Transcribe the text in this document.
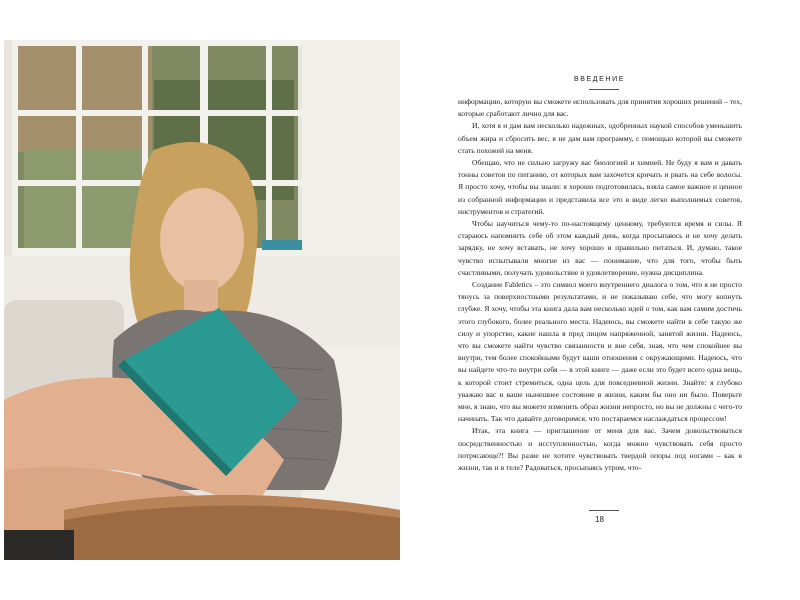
ВВЕДЕНИЕ

информацию, которую вы сможете использовать для принятия хороших решений – тех, которые сработают лично для вас.

И, хотя я и дам вам несколько надежных, одобренных наукой способов уменьшить объем жира и сбросить вес, я не дам вам программу, с помощью которой вы сможете стать похожей на меня.

Обещаю, что не сильно загружу вас биологией и химией. Не буду я вам и давать тонны советов по питанию, от которых вам захочется кричать и рвать на себе волосы. Я просто хочу, чтобы вы знали: я хорошо подготовилась, взяла самое важное и ценное из собранной информации и представила все это в виде легко выполнимых советов, инструментов и стратегий.

Чтобы научиться чему-то по-настоящему ценному, требуются время и силы. Я стараюсь напомнить себе об этом каждый день, когда просыпаюсь и не хочу делать зарядку, не хочу вставать, не хочу хорошо и правильно питаться. И, думаю, такое чувство испытывали многие из вас — понимание, что для того, чтобы быть счастливыми, получать удовольствие и удовлетворение, нужна дисциплина.

Создание Fabletics – это символ моего внутреннего диалога о том, что я не просто тянусь за поверхностными результатами, и не показываю себе, что могу копнуть глубже. Я хочу, чтобы эта книга дала вам несколько идей о том, как вам самим достичь этого глубокого, более реального места. Надеюсь, вы сможете найти в себе такую же силу и упорство, какие нашла я пред лицом напряженной, занятой жизни. Надеюсь, что вы сможете найти чувство связанности и вне себя, зная, что чем спокойнее вы внутри, тем более спокойными будут ваши отношения с окружающими. Надеюсь, что вы найдете что-то внутри себя — в этой книге — даже если это будет всего одна вещь, к которой стоит стремиться, одна цель для повседневной жизни. Знайте: я глубоко уважаю вас и ваше нынешнее состояние в жизни, каким бы оно ни было. Поверьте мне, я знаю, что вы можете изменить образ жизни непросто, но вы не должны с чего-то начинать. Так что давайте договоримся, что постараемся наслаждаться процессом!

Итак, эта книга — приглашение от меня для вас. Зачем довольствоваться посредственностью и исступленностью, когда можно чувствовать себя просто потрясающе?! Вы разве не хотите чувствовать твердой опоры под ногами – как в жизни, так и в теле? Радоваться, просыпаясь утром, что-

18
